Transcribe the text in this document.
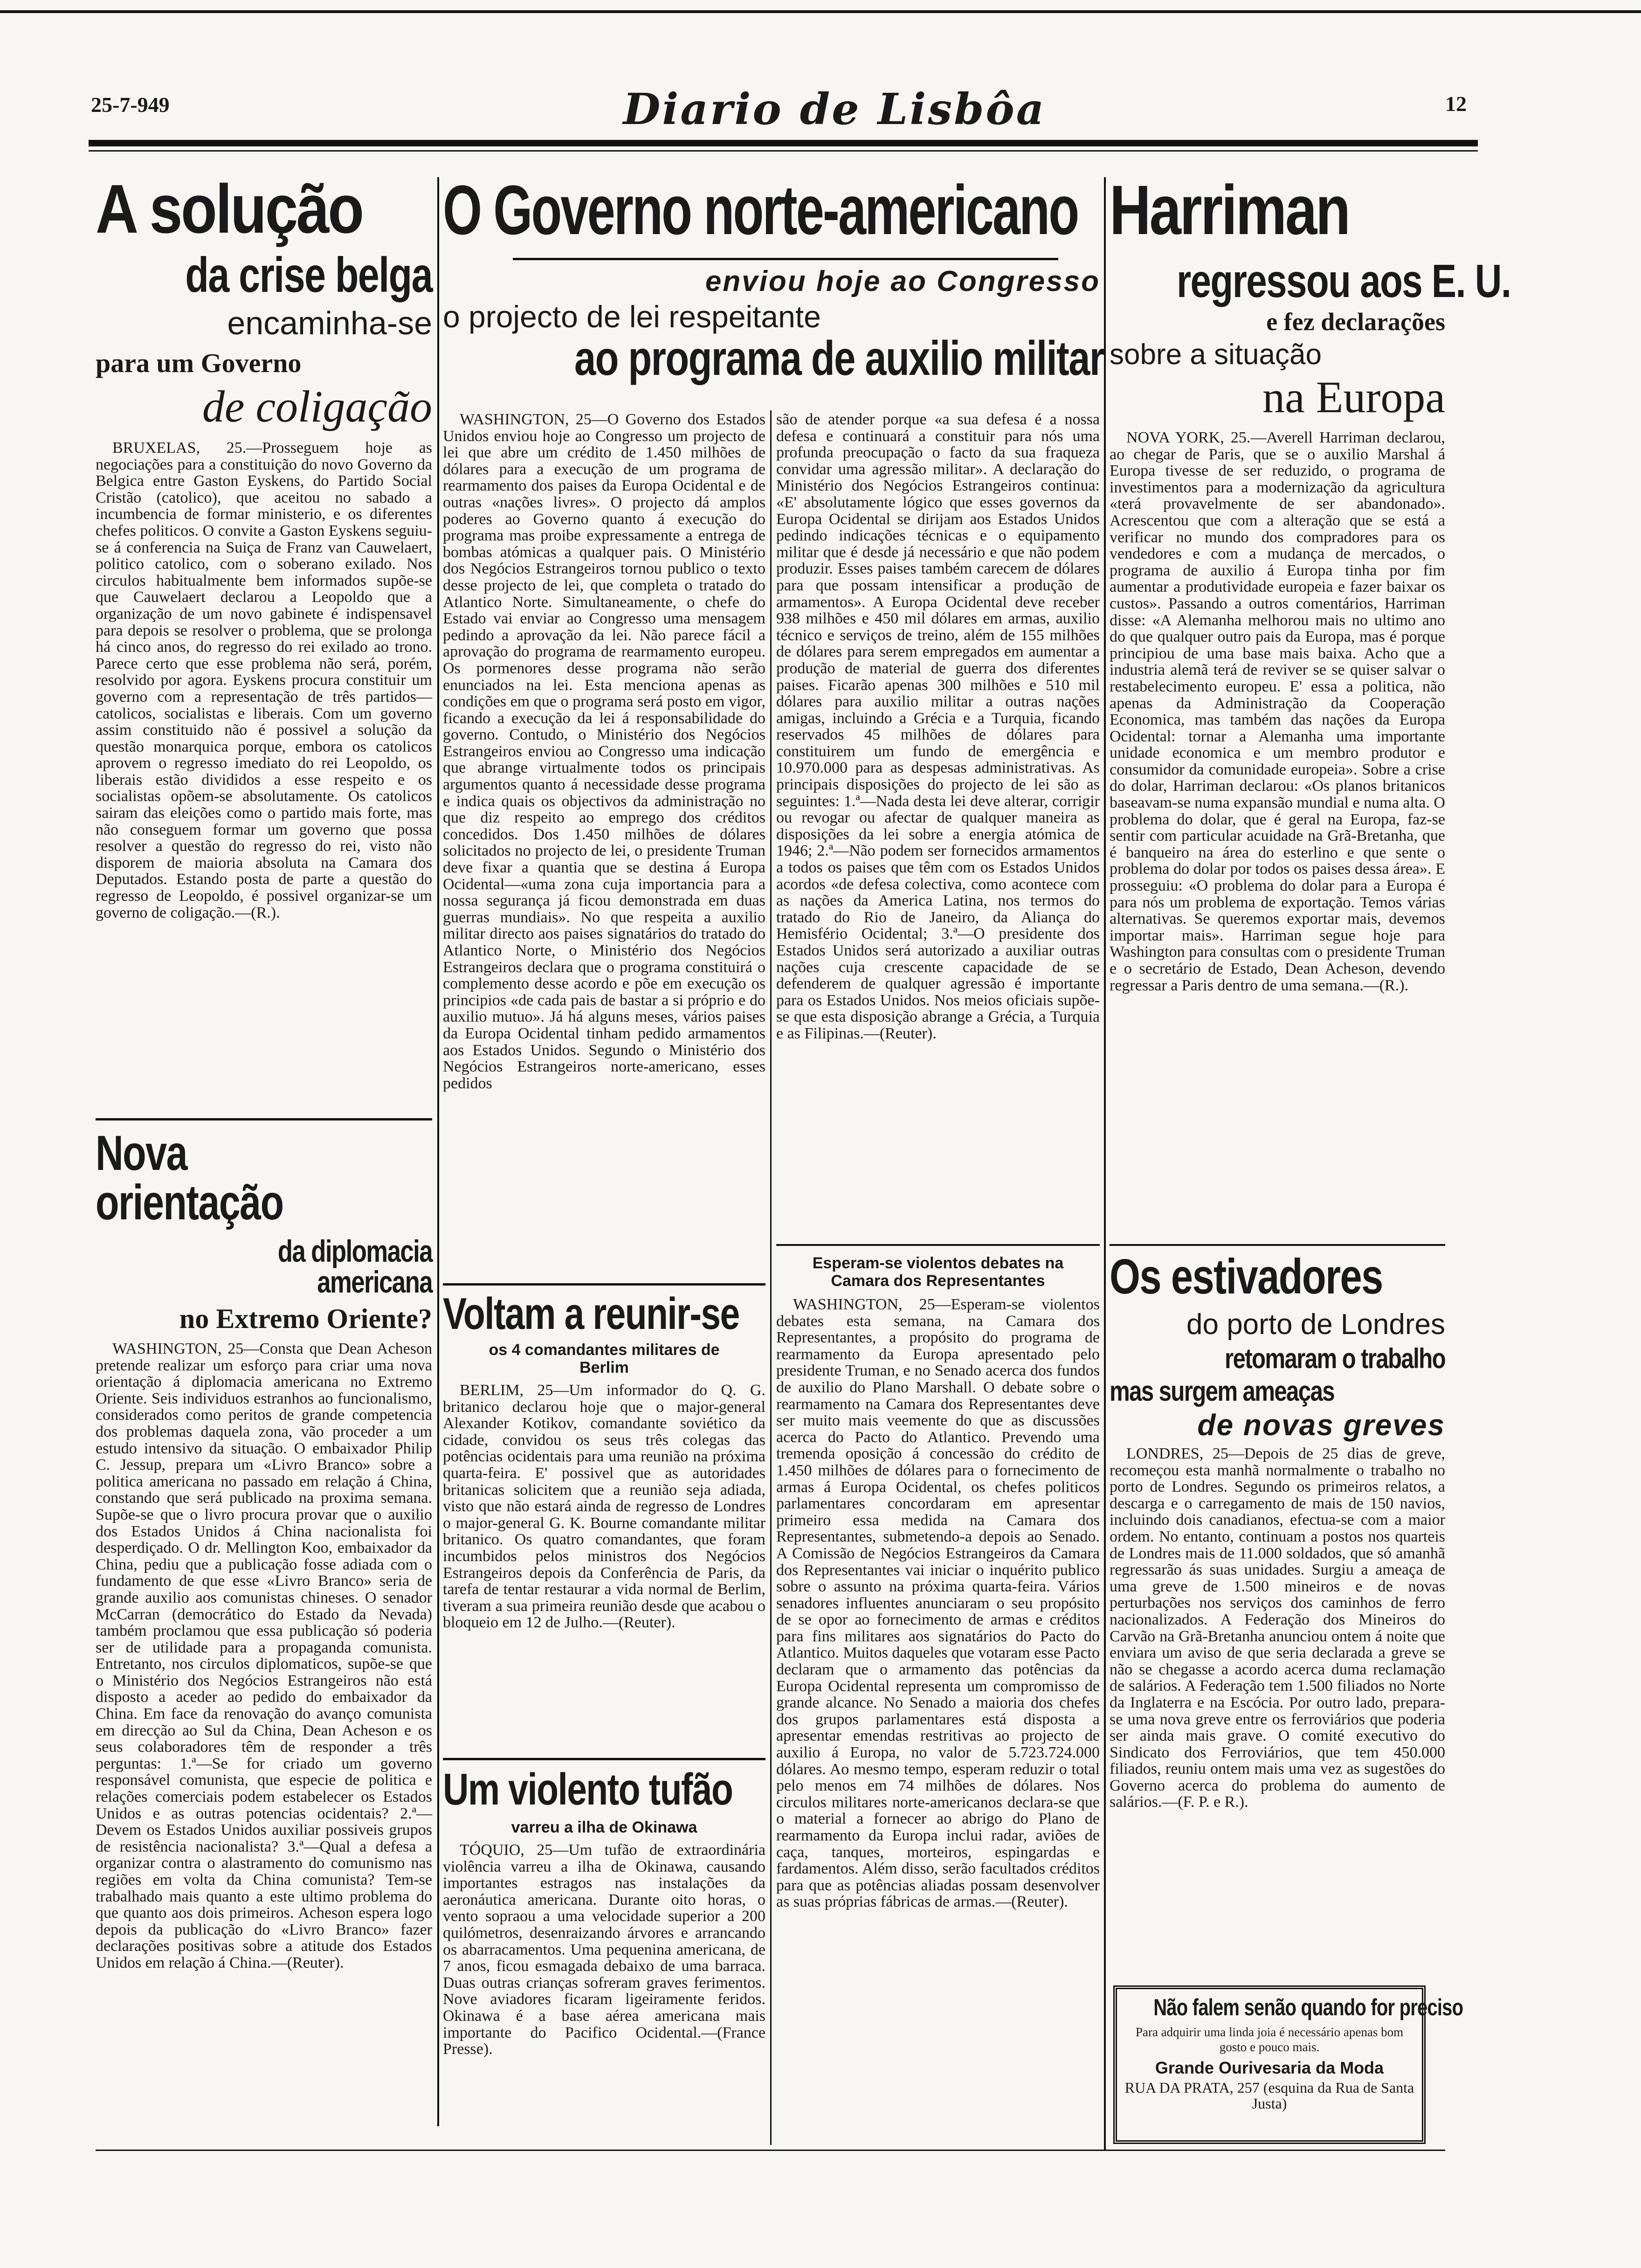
25-7-949	Diario de Lisbôa	12
A solução
da crise belga
encaminha-se
para um Governo
de coligação
BRUXELAS, 25.—Prosseguem hoje as negociações para a constituição do novo Governo da Belgica entre Gaston Eyskens, do Partido Social Cristão (catolico), que aceitou no sabado a incumbencia de formar ministerio, e os diferentes chefes politicos. O convite a Gaston Eyskens seguiu-se á conferencia na Suiça de Franz van Cauwelaert, politico catolico, com o soberano exilado. Nos circulos habitualmente bem informados supõe-se que Cauwelaert declarou a Leopoldo que a organização de um novo gabinete é indispensavel para depois se resolver o problema, que se prolonga há cinco anos, do regresso do rei exilado ao trono. Parece certo que esse problema não será, porém, resolvido por agora. Eyskens procura constituir um governo com a representação de três partidos—catolicos, socialistas e liberais. Com um governo assim constituido não é possivel a solução da questão monarquica porque, embora os catolicos aprovem o regresso imediato do rei Leopoldo, os liberais estão divididos a esse respeito e os socialistas opõem-se absolutamente. Os catolicos sairam das eleições como o partido mais forte, mas não conseguem formar um governo que possa resolver a questão do regresso do rei, visto não disporem de maioria absoluta na Camara dos Deputados. Estando posta de parte a questão do regresso de Leopoldo, é possivel organizar-se um governo de coligação.—(R.).
Nova orientação
da diplomacia americana
no Extremo Oriente?
WASHINGTON, 25—Consta que Dean Acheson pretende realizar um esforço para criar uma nova orientação á diplomacia americana no Extremo Oriente. Seis individuos estranhos ao funcionalismo, considerados como peritos de grande competencia dos problemas daquela zona, vão proceder a um estudo intensivo da situação. O embaixador Philip C. Jessup, prepara um «Livro Branco» sobre a politica americana no passado em relação á China, constando que será publicado na proxima semana. Supõe-se que o livro procura provar que o auxilio dos Estados Unidos á China nacionalista foi desperdiçado. O dr. Mellington Koo, embaixador da China, pediu que a publicação fosse adiada com o fundamento de que esse «Livro Branco» seria de grande auxilio aos comunistas chineses. O senador McCarran (democrático do Estado da Nevada) também proclamou que essa publicação só poderia ser de utilidade para a propaganda comunista. Entretanto, nos circulos diplomaticos, supõe-se que o Ministério dos Negócios Estrangeiros não está disposto a aceder ao pedido do embaixador da China. Em face da renovação do avanço comunista em direcção ao Sul da China, Dean Acheson e os seus colaboradores têm de responder a três perguntas: 1.ª—Se for criado um governo responsável comunista, que especie de politica e relações comerciais podem estabelecer os Estados Unidos e as outras potencias ocidentais? 2.ª—Devem os Estados Unidos auxiliar possiveis grupos de resistência nacionalista? 3.ª—Qual a defesa a organizar contra o alastramento do comunismo nas regiões em volta da China comunista? Tem-se trabalhado mais quanto a este ultimo problema do que quanto aos dois primeiros. Acheson espera logo depois da publicação do «Livro Branco» fazer declarações positivas sobre a atitude dos Estados Unidos em relação á China.—(Reuter).
O Governo norte-americano
enviou hoje ao Congresso
o projecto de lei respeitante
ao programa de auxilio militar
WASHINGTON, 25—O Governo dos Estados Unidos enviou hoje ao Congresso um projecto de lei que abre um crédito de 1.450 milhões de dólares para a execução de um programa de rearmamento dos paises da Europa Ocidental e de outras «nações livres». O projecto dá amplos poderes ao Governo quanto á execução do programa mas proibe expressamente a entrega de bombas atómicas a qualquer pais. O Ministério dos Negócios Estrangeiros tornou publico o texto desse projecto de lei, que completa o tratado do Atlantico Norte. Simultaneamente, o chefe do Estado vai enviar ao Congresso uma mensagem pedindo a aprovação da lei. Não parece fácil a aprovação do programa de rearmamento europeu. Os pormenores desse programa não serão enunciados na lei. Esta menciona apenas as condições em que o programa será posto em vigor, ficando a execução da lei á responsabilidade do governo. Contudo, o Ministério dos Negócios Estrangeiros enviou ao Congresso uma indicação que abrange virtualmente todos os principais argumentos quanto á necessidade desse programa e indica quais os objectivos da administração no que diz respeito ao emprego dos créditos concedidos. Dos 1.450 milhões de dólares solicitados no projecto de lei, o presidente Truman deve fixar a quantia que se destina á Europa Ocidental—«uma zona cuja importancia para a nossa segurança já ficou demonstrada em duas guerras mundiais». No que respeita a auxilio militar directo aos paises signatários do tratado do Atlantico Norte, o Ministério dos Negócios Estrangeiros declara que o programa constituirá o complemento desse acordo e põe em execução os principios «de cada pais de bastar a si próprio e do auxilio mutuo». Já há alguns meses, vários paises da Europa Ocidental tinham pedido armamentos aos Estados Unidos. Segundo o Ministério dos Negócios Estrangeiros norte-americano, esses pedidos
Voltam a reunir-se
os 4 comandantes militares de Berlim
BERLIM, 25—Um informador do Q. G. britanico declarou hoje que o major-general Alexander Kotikov, comandante soviético da cidade, convidou os seus três colegas das potências ocidentais para uma reunião na próxima quarta-feira. E' possivel que as autoridades britanicas solicitem que a reunião seja adiada, visto que não estará ainda de regresso de Londres o major-general G. K. Bourne comandante militar britanico. Os quatro comandantes, que foram incumbidos pelos ministros dos Negócios Estrangeiros depois da Conferência de Paris, da tarefa de tentar restaurar a vida normal de Berlim, tiveram a sua primeira reunião desde que acabou o bloqueio em 12 de Julho.—(Reuter).
Um violento tufão
varreu a ilha de Okinawa
TÓQUIO, 25—Um tufão de extraordinária violência varreu a ilha de Okinawa, causando importantes estragos nas instalações da aeronáutica americana. Durante oito horas, o vento sopraou a uma velocidade superior a 200 quilómetros, desenraizando árvores e arrancando os abarracamentos. Uma pequenina americana, de 7 anos, ficou esmagada debaixo de uma barraca. Duas outras crianças sofreram graves ferimentos. Nove aviadores ficaram ligeiramente feridos. Okinawa é a base aérea americana mais importante do Pacifico Ocidental.—(France Presse).
são de atender porque «a sua defesa é a nossa defesa e continuará a constituir para nós uma profunda preocupação o facto da sua fraqueza convidar uma agressão militar». A declaração do Ministério dos Negócios Estrangeiros continua: «E' absolutamente lógico que esses governos da Europa Ocidental se dirijam aos Estados Unidos pedindo indicações técnicas e o equipamento militar que é desde já necessário e que não podem produzir. Esses paises também carecem de dólares para que possam intensificar a produção de armamentos». A Europa Ocidental deve receber 938 milhões e 450 mil dólares em armas, auxilio técnico e serviços de treino, além de 155 milhões de dólares para serem empregados em aumentar a produção de material de guerra dos diferentes paises. Ficarão apenas 300 milhões e 510 mil dólares para auxilio militar a outras nações amigas, incluindo a Grécia e a Turquia, ficando reservados 45 milhões de dólares para constituirem um fundo de emergência e 10.970.000 para as despesas administrativas. As principais disposições do projecto de lei são as seguintes: 1.ª—Nada desta lei deve alterar, corrigir ou revogar ou afectar de qualquer maneira as disposições da lei sobre a energia atómica de 1946; 2.ª—Não podem ser fornecidos armamentos a todos os paises que têm com os Estados Unidos acordos «de defesa colectiva, como acontece com as nações da America Latina, nos termos do tratado do Rio de Janeiro, da Aliança do Hemisfério Ocidental; 3.ª—O presidente dos Estados Unidos será autorizado a auxiliar outras nações cuja crescente capacidade de se defenderem de qualquer agressão é importante para os Estados Unidos. Nos meios oficiais supõe-se que esta disposição abrange a Grécia, a Turquia e as Filipinas.—(Reuter).
Esperam-se violentos debates na Camara dos Representantes
WASHINGTON, 25—Esperam-se violentos debates esta semana, na Camara dos Representantes, a propósito do programa de rearmamento da Europa apresentado pelo presidente Truman, e no Senado acerca dos fundos de auxilio do Plano Marshall. O debate sobre o rearmamento na Camara dos Representantes deve ser muito mais veemente do que as discussões acerca do Pacto do Atlantico. Prevendo uma tremenda oposição á concessão do crédito de 1.450 milhões de dólares para o fornecimento de armas á Europa Ocidental, os chefes politicos parlamentares concordaram em apresentar primeiro essa medida na Camara dos Representantes, submetendo-a depois ao Senado. A Comissão de Negócios Estrangeiros da Camara dos Representantes vai iniciar o inquérito publico sobre o assunto na próxima quarta-feira. Vários senadores influentes anunciaram o seu propósito de se opor ao fornecimento de armas e créditos para fins militares aos signatários do Pacto do Atlantico. Muitos daqueles que votaram esse Pacto declaram que o armamento das potências da Europa Ocidental representa um compromisso de grande alcance. No Senado a maioria dos chefes dos grupos parlamentares está disposta a apresentar emendas restritivas ao projecto de auxilio á Europa, no valor de 5.723.724.000 dólares. Ao mesmo tempo, esperam reduzir o total pelo menos em 74 milhões de dólares. Nos circulos militares norte-americanos declara-se que o material a fornecer ao abrigo do Plano de rearmamento da Europa inclui radar, aviões de caça, tanques, morteiros, espingardas e fardamentos. Além disso, serão facultados créditos para que as potências aliadas possam desenvolver as suas próprias fábricas de armas.—(Reuter).
Harriman
regressou aos E. U.
e fez declarações
sobre a situação
na Europa
NOVA YORK, 25.—Averell Harriman declarou, ao chegar de Paris, que se o auxilio Marshal á Europa tivesse de ser reduzido, o programa de investimentos para a modernização da agricultura «terá provavelmente de ser abandonado». Acrescentou que com a alteração que se está a verificar no mundo dos compradores para os vendedores e com a mudança de mercados, o programa de auxilio á Europa tinha por fim aumentar a produtividade europeia e fazer baixar os custos». Passando a outros comentários, Harriman disse: «A Alemanha melhorou mais no ultimo ano do que qualquer outro pais da Europa, mas é porque principiou de uma base mais baixa. Acho que a industria alemã terá de reviver se se quiser salvar o restabelecimento europeu. E' essa a politica, não apenas da Administração da Cooperação Economica, mas também das nações da Europa Ocidental: tornar a Alemanha uma importante unidade economica e um membro produtor e consumidor da comunidade europeia». Sobre a crise do dolar, Harriman declarou: «Os planos britanicos baseavam-se numa expansão mundial e numa alta. O problema do dolar, que é geral na Europa, faz-se sentir com particular acuidade na Grã-Bretanha, que é banqueiro na área do esterlino e que sente o problema do dolar por todos os paises dessa área». E prosseguiu: «O problema do dolar para a Europa é para nós um problema de exportação. Temos várias alternativas. Se queremos exportar mais, devemos importar mais». Harriman segue hoje para Washington para consultas com o presidente Truman e o secretário de Estado, Dean Acheson, devendo regressar a Paris dentro de uma semana.—(R.).
Os estivadores
do porto de Londres
retomaram o trabalho
mas surgem ameaças
de novas greves
LONDRES, 25—Depois de 25 dias de greve, recomeçou esta manhã normalmente o trabalho no porto de Londres. Segundo os primeiros relatos, a descarga e o carregamento de mais de 150 navios, incluindo dois canadianos, efectua-se com a maior ordem. No entanto, continuam a postos nos quarteis de Londres mais de 11.000 soldados, que só amanhã regressarão ás suas unidades. Surgiu a ameaça de uma greve de 1.500 mineiros e de novas perturbações nos serviços dos caminhos de ferro nacionalizados. A Federação dos Mineiros do Carvão na Grã-Bretanha anunciou ontem á noite que enviara um aviso de que seria declarada a greve se não se chegasse a acordo acerca duma reclamação de salários. A Federação tem 1.500 filiados no Norte da Inglaterra e na Escócia. Por outro lado, prepara-se uma nova greve entre os ferroviários que poderia ser ainda mais grave. O comité executivo do Sindicato dos Ferroviários, que tem 450.000 filiados, reuniu ontem mais uma vez as sugestões do Governo acerca do problema do aumento de salários.—(F. P. e R.).
Não falem senão quando for preciso
Para adquirir uma linda joia é necessário apenas bom gosto e pouco mais.
Grande Ourivesaria da Moda
RUA DA PRATA, 257 (esquina da Rua de Santa Justa)
